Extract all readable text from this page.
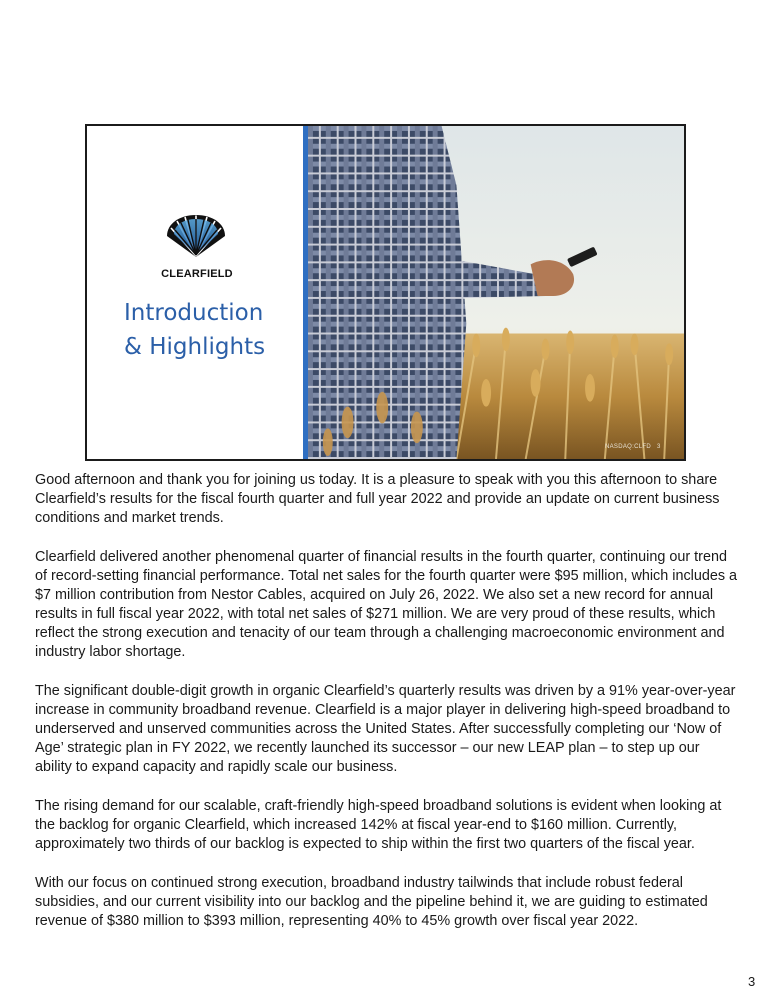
CLEARFIELD
Introduction
& Highlights
NASDAQ:CLFD 3

Good afternoon and thank you for joining us today. It is a pleasure to speak with you this afternoon to share Clearfield’s results for the fiscal fourth quarter and full year 2022 and provide an update on current business conditions and market trends.

Clearfield delivered another phenomenal quarter of financial results in the fourth quarter, continuing our trend of record-setting financial performance. Total net sales for the fourth quarter were $95 million, which includes a $7 million contribution from Nestor Cables, acquired on July 26, 2022. We also set a new record for annual results in full fiscal year 2022, with total net sales of $271 million. We are very proud of these results, which reflect the strong execution and tenacity of our team through a challenging macroeconomic environment and industry labor shortage.

The significant double-digit growth in organic Clearfield’s quarterly results was driven by a 91% year-over-year increase in community broadband revenue. Clearfield is a major player in delivering high-speed broadband to underserved and unserved communities across the United States. After successfully completing our ‘Now of Age’ strategic plan in FY 2022, we recently launched its successor – our new LEAP plan – to step up our ability to expand capacity and rapidly scale our business.

The rising demand for our scalable, craft-friendly high-speed broadband solutions is evident when looking at the backlog for organic Clearfield, which increased 142% at fiscal year-end to $160 million. Currently, approximately two thirds of our backlog is expected to ship within the first two quarters of the fiscal year.

With our focus on continued strong execution, broadband industry tailwinds that include robust federal subsidies, and our current visibility into our backlog and the pipeline behind it, we are guiding to estimated revenue of $380 million to $393 million, representing 40% to 45% growth over fiscal year 2022.

3
